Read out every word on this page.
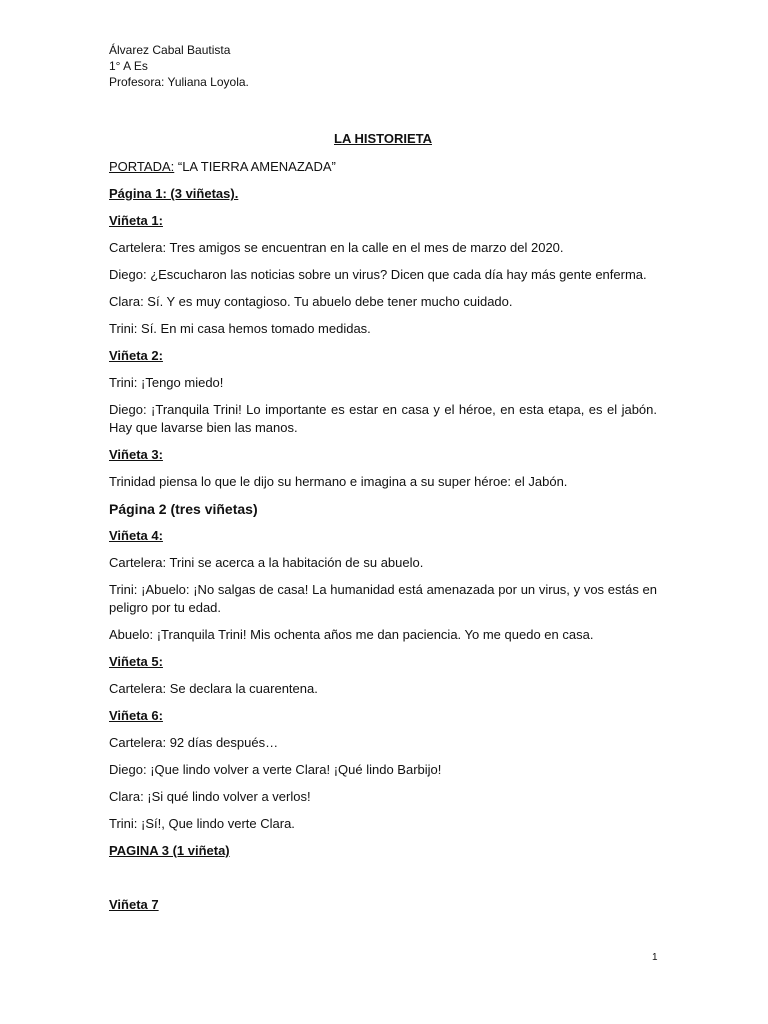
Álvarez Cabal Bautista
1° A Es
Profesora: Yuliana Loyola.

LA HISTORIETA

PORTADA: “LA TIERRA AMENAZADA”

Página 1: (3 viñetas).

Viñeta 1:

Cartelera: Tres amigos se encuentran en la calle en el mes de marzo del 2020.

Diego: ¿Escucharon las noticias sobre un virus? Dicen que cada día hay más gente enferma.

Clara: Sí. Y es muy contagioso. Tu abuelo debe tener mucho cuidado.

Trini: Sí. En mi casa hemos tomado medidas.

Viñeta 2:

Trini: ¡Tengo miedo!

Diego: ¡Tranquila Trini! Lo importante es estar en casa y el héroe, en esta etapa, es el jabón. Hay que lavarse bien las manos.

Viñeta 3:

Trinidad piensa lo que le dijo su hermano e imagina a su super héroe: el Jabón.

Página 2 (tres viñetas)

Viñeta 4:

Cartelera: Trini se acerca a la habitación de su abuelo.

Trini: ¡Abuelo: ¡No salgas de casa! La humanidad está amenazada por un virus, y vos estás en peligro por tu edad.

Abuelo: ¡Tranquila Trini! Mis ochenta años me dan paciencia. Yo me quedo en casa.

Viñeta 5:

Cartelera: Se declara la cuarentena.

Viñeta 6:

Cartelera: 92 días después…

Diego: ¡Que lindo volver a verte Clara! ¡Qué lindo Barbijo!

Clara: ¡Si qué lindo volver a verlos!

Trini: ¡Sí!, Que lindo verte Clara.

PAGINA 3 (1 viñeta)

Viñeta 7

1
